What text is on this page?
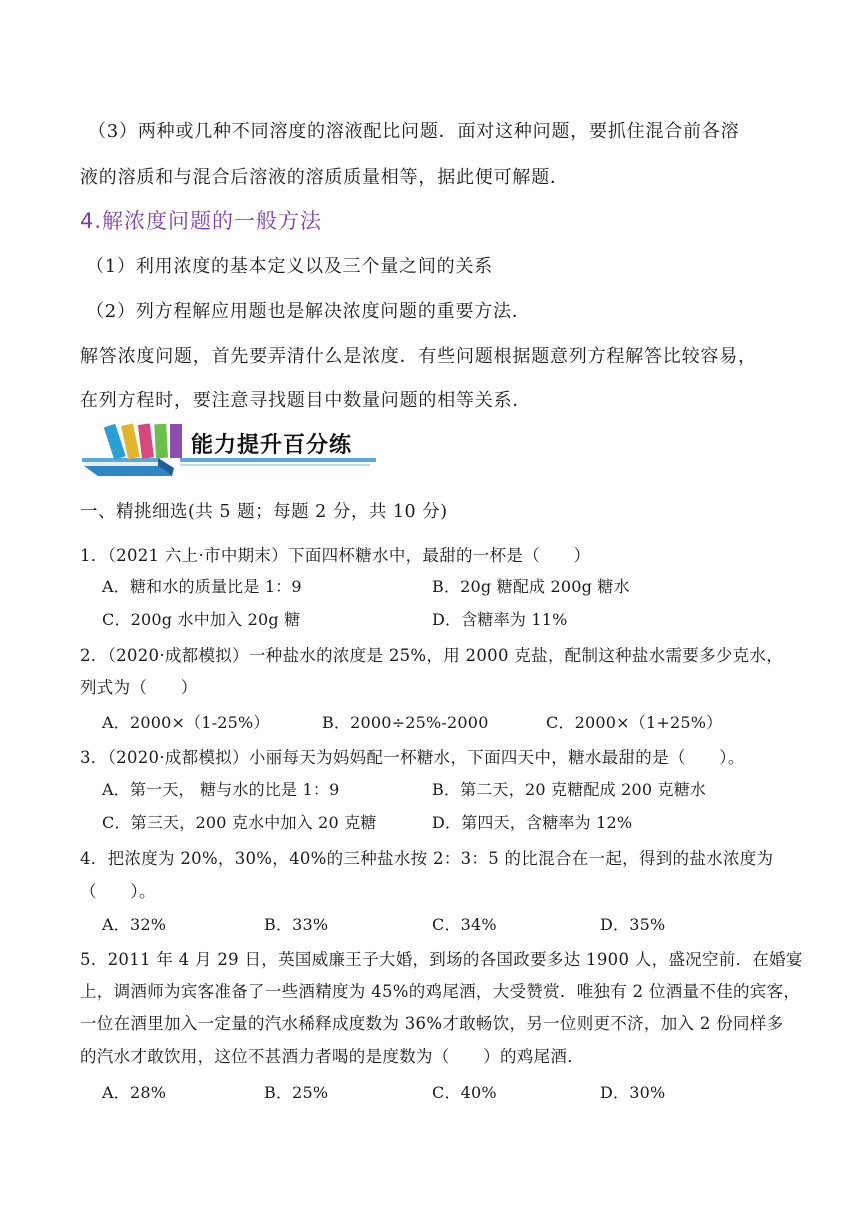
（3）两种或几种不同溶度的溶液配比问题．面对这种问题，要抓住混合前各溶
液的溶质和与混合后溶液的溶质质量相等，据此便可解题．
4.解浓度问题的一般方法
（1）利用浓度的基本定义以及三个量之间的关系
（2）列方程解应用题也是解决浓度问题的重要方法．
解答浓度问题，首先要弄清什么是浓度．有些问题根据题意列方程解答比较容易，
在列方程时，要注意寻找题目中数量问题的相等关系．
能力提升百分练
一、精挑细选(共 5 题；每题 2 分，共 10 分)
1．（2021 六上·市中期末）下面四杯糖水中，最甜的一杯是（　　）
A．糖和水的质量比是 1：9	B．20g 糖配成 200g 糖水
C．200g 水中加入 20g 糖	D．含糖率为 11%
2．（2020·成都模拟）一种盐水的浓度是 25%，用 2000 克盐，配制这种盐水需要多少克水，
列式为（　　）
A．2000×（1-25%）	B．2000÷25%-2000	C．2000×（1+25%）
3．（2020·成都模拟）小丽每天为妈妈配一杯糖水，下面四天中，糖水最甜的是（　　）。
A．第一天， 糖与水的比是 1：9	B．第二天，20 克糖配成 200 克糖水
C．第三天，200 克水中加入 20 克糖	D．第四天，含糖率为 12%
4．把浓度为 20%，30%，40%的三种盐水按 2：3：5 的比混合在一起，得到的盐水浓度为
（　　）。
A．32%	B．33%	C．34%	D．35%
5．2011 年 4 月 29 日，英国威廉王子大婚，到场的各国政要多达 1900 人，盛况空前．在婚宴
上，调酒师为宾客准备了一些酒精度为 45%的鸡尾酒，大受赞赏．唯独有 2 位酒量不佳的宾客，
一位在酒里加入一定量的汽水稀释成度数为 36%才敢畅饮，另一位则更不济，加入 2 份同样多
的汽水才敢饮用，这位不甚酒力者喝的是度数为（　　）的鸡尾酒．
A．28%	B．25%	C．40%	D．30%
